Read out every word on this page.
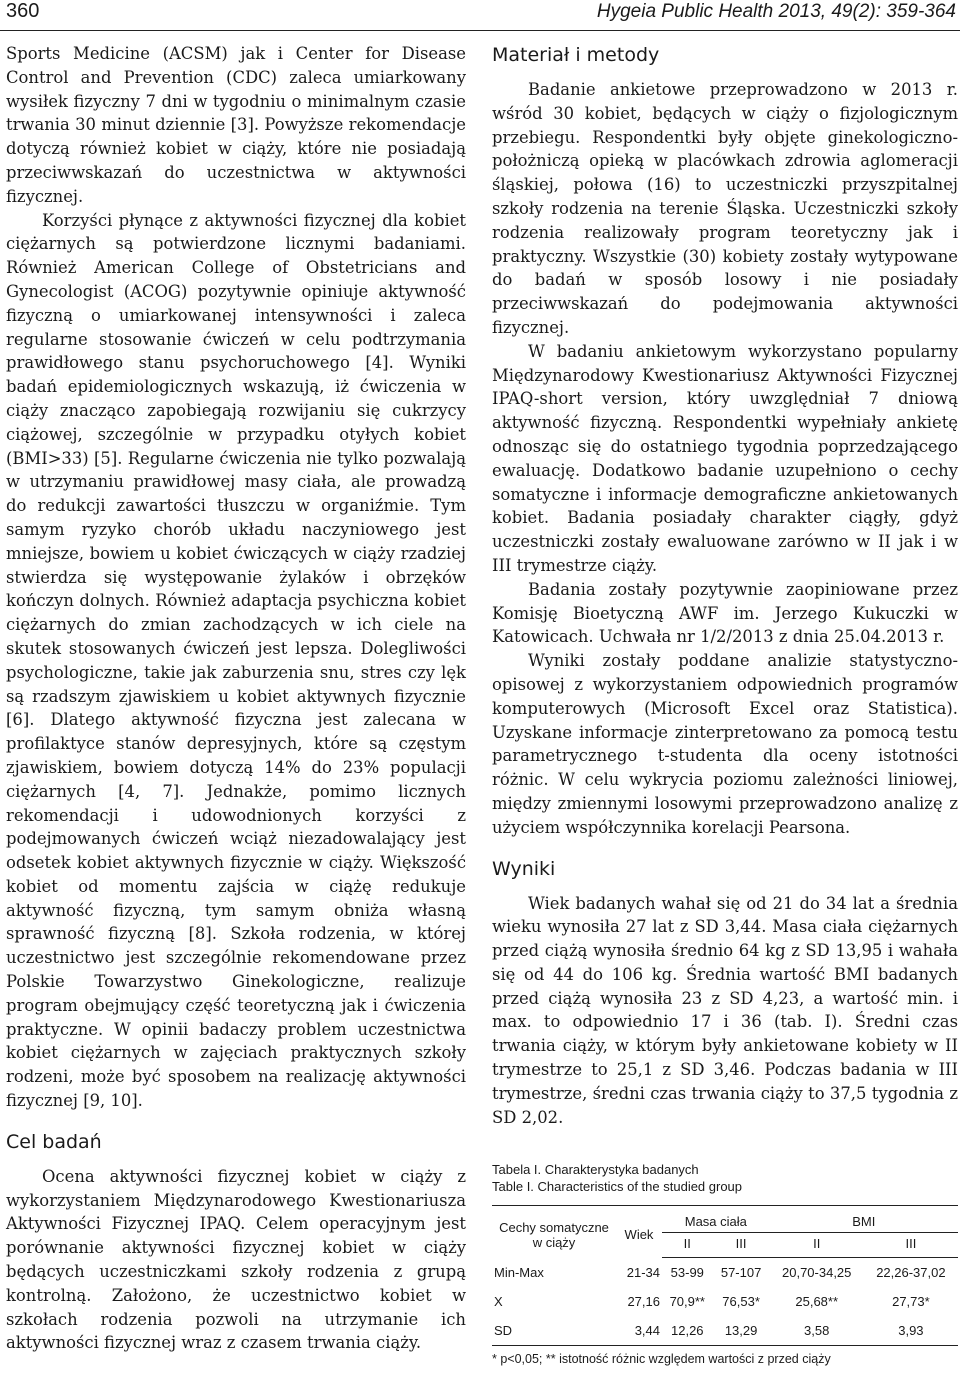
360	Hygeia Public Health 2013, 49(2): 359-364

Sports Medicine (ACSM) jak i Center for Disease Control and Prevention (CDC) zaleca umiarkowany wysiłek fizyczny 7 dni w tygodniu o minimalnym czasie trwania 30 minut dziennie [3]. Powyższe rekomendacje dotyczą również kobiet w ciąży, które nie posiadają przeciwwskazań do uczestnictwa w aktywności fizycznej.

Korzyści płynące z aktywności fizycznej dla kobiet ciężarnych są potwierdzone licznymi badaniami. Również American College of Obstetricians and Gynecologist (ACOG) pozytywnie opiniuje aktywność fizyczną o umiarkowanej intensywności i zaleca regularne stosowanie ćwiczeń w celu podtrzymania prawidłowego stanu psychoruchowego [4]. Wyniki badań epidemiologicznych wskazują, iż ćwiczenia w ciąży znacząco zapobiegają rozwijaniu się cukrzycy ciążowej, szczególnie w przypadku otyłych kobiet (BMI>33) [5]. Regularne ćwiczenia nie tylko pozwalają w utrzymaniu prawidłowej masy ciała, ale prowadzą do redukcji zawartości tłuszczu w organiźmie. Tym samym ryzyko chorób układu naczyniowego jest mniejsze, bowiem u kobiet ćwiczących w ciąży rzadziej stwierdza się występowanie żylaków i obrzęków kończyn dolnych. Również adaptacja psychiczna kobiet ciężarnych do zmian zachodzących w ich ciele na skutek stosowanych ćwiczeń jest lepsza. Dolegliwości psychologiczne, takie jak zaburzenia snu, stres czy lęk są rzadszym zjawiskiem u kobiet aktywnych fizycznie [6]. Dlatego aktywność fizyczna jest zalecana w profilaktyce stanów depresyjnych, które są częstym zjawiskiem, bowiem dotyczą 14% do 23% populacji ciężarnych [4, 7]. Jednakże, pomimo licznych rekomendacji i udowodnionych korzyści z podejmowanych ćwiczeń wciąż niezadowalający jest odsetek kobiet aktywnych fizycznie w ciąży. Większość kobiet od momentu zajścia w ciążę redukuje aktywność fizyczną, tym samym obniża własną sprawność fizyczną [8]. Szkoła rodzenia, w której uczestnictwo jest szczególnie rekomendowane przez Polskie Towarzystwo Ginekologiczne, realizuje program obejmujący część teoretyczną jak i ćwiczenia praktyczne. W opinii badaczy problem uczestnictwa kobiet ciężarnych w zajęciach praktycznych szkoły rodzeni, może być sposobem na realizację aktywności fizycznej [9, 10].

Cel badań

Ocena aktywności fizycznej kobiet w ciąży z wykorzystaniem Międzynarodowego Kwestionariusza Aktywności Fizycznej IPAQ. Celem operacyjnym jest porównanie aktywności fizycznej kobiet w ciąży będących uczestniczkami szkoły rodzenia z grupą kontrolną. Założono, że uczestnictwo kobiet w szkołach rodzenia pozwoli na utrzymanie ich aktywności fizycznej wraz z czasem trwania ciąży.

Materiał i metody

Badanie ankietowe przeprowadzono w 2013 r. wśród 30 kobiet, będących w ciąży o fizjologicznym przebiegu. Respondentki były objęte ginekologiczno-położniczą opieką w placówkach zdrowia aglomeracji śląskiej, połowa (16) to uczestniczki przyszpitalnej szkoły rodzenia na terenie Śląska. Uczestniczki szkoły rodzenia realizowały program teoretyczny jak i praktyczny. Wszystkie (30) kobiety zostały wytypowane do badań w sposób losowy i nie posiadały przeciwwskazań do podejmowania aktywności fizycznej.

W badaniu ankietowym wykorzystano popularny Międzynarodowy Kwestionariusz Aktywności Fizycznej IPAQ-short version, który uwzględniał 7 dniową aktywność fizyczną. Respondentki wypełniały ankietę odnosząc się do ostatniego tygodnia poprzedzającego ewaluację. Dodatkowo badanie uzupełniono o cechy somatyczne i informacje demograficzne ankietowanych kobiet. Badania posiadały charakter ciągły, gdyż uczestniczki zostały ewaluowane zarówno w II jak i w III trymestrze ciąży.

Badania zostały pozytywnie zaopiniowane przez Komisję Bioetyczną AWF im. Jerzego Kukuczki w Katowicach. Uchwała nr 1/2/2013 z dnia 25.04.2013 r.

Wyniki zostały poddane analizie statystyczno-opisowej z wykorzystaniem odpowiednich programów komputerowych (Microsoft Excel oraz Statistica). Uzyskane informacje zinterpretowano za pomocą testu parametrycznego t-studenta dla oceny istotności różnic. W celu wykrycia poziomu zależności liniowej, między zmiennymi losowymi przeprowadzono analizę z użyciem współczynnika korelacji Pearsona.

Wyniki

Wiek badanych wahał się od 21 do 34 lat a średnia wieku wynosiła 27 lat z SD 3,44. Masa ciała ciężarnych przed ciążą wynosiła średnio 64 kg z SD 13,95 i wahała się od 44 do 106 kg. Średnia wartość BMI badanych przed ciążą wynosiła 23 z SD 4,23, a wartość min. i max. to odpowiednio 17 i 36 (tab. I). Średni czas trwania ciąży, w którym były ankietowane kobiety w II trymestrze to 25,1 z SD 3,46. Podczas badania w III trymestrze, średni czas trwania ciąży to 37,5 tygodnia z SD 2,02.

Tabela I. Charakterystyka badanych
Table I. Characteristics of the studied group
Cechy somatyczne w ciąży	Wiek	Masa ciała		BMI	
		II	III	II	III
Min-Max	21-34	53-99	57-107	20,70-34,25	22,26-37,02
X	27,16	70,9**	76,53*	25,68**	27,73*
SD	3,44	12,26	13,29	3,58	3,93
* p<0,05; ** istotność różnic względem wartości z przed ciąży
